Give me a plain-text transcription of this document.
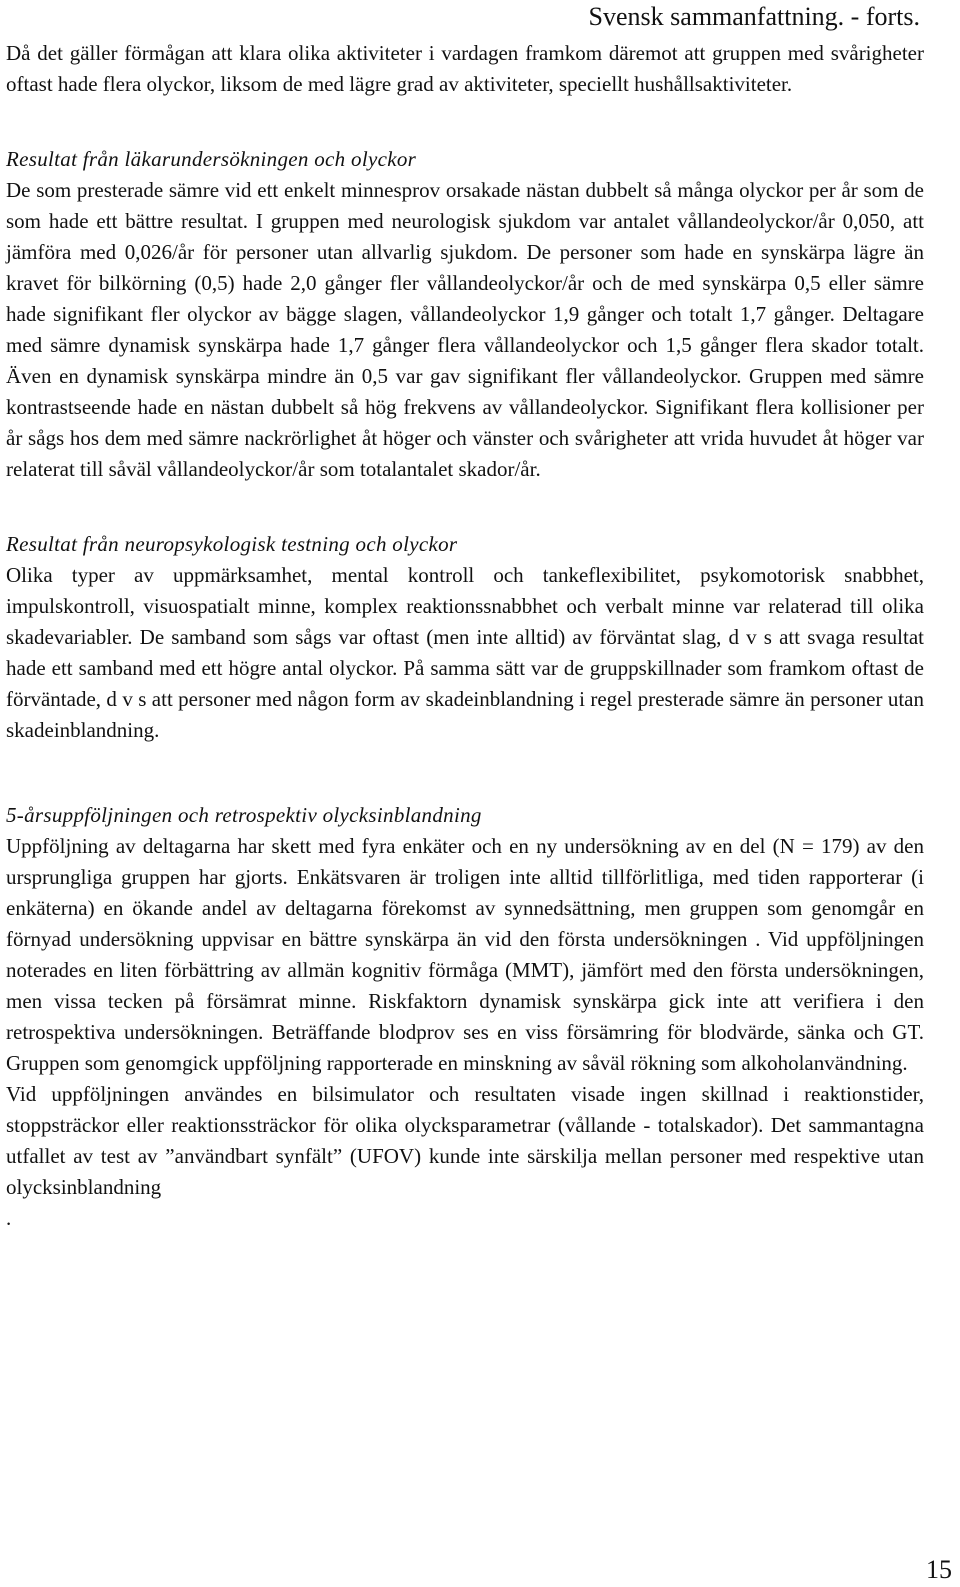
Svensk sammanfattning. - forts.

Då det gäller förmågan att klara olika aktiviteter i vardagen framkom däremot att gruppen med svårigheter oftast hade flera olyckor, liksom de med lägre grad av aktiviteter, speciellt hushållsaktiviteter.

Resultat från läkarundersökningen och olyckor

De som presterade sämre vid ett enkelt minnesprov orsakade nästan dubbelt så många olyckor per år som de som hade ett bättre resultat. I gruppen med neurologisk sjukdom var antalet vållandeolyckor/år 0,050, att jämföra med 0,026/år för personer utan allvarlig sjukdom. De personer som hade en synskärpa lägre än kravet för bilkörning (0,5) hade 2,0 gånger fler vållandeolyckor/år och de med synskärpa 0,5 eller sämre hade signifikant fler olyckor av bägge slagen, vållandeolyckor 1,9 gånger och totalt 1,7 gånger. Deltagare med sämre dynamisk synskärpa hade 1,7 gånger flera vållandeolyckor och 1,5 gånger flera skador totalt. Även en dynamisk synskärpa mindre än 0,5 var gav signifikant fler vållandeolyckor. Gruppen med sämre kontrastseende hade en nästan dubbelt så hög frekvens av vållandeolyckor. Signifikant flera kollisioner per år sågs hos dem med sämre nackrörlighet åt höger och vänster och svårigheter att vrida huvudet åt höger var relaterat till såväl vållandeolyckor/år som totalantalet skador/år.

Resultat från neuropsykologisk testning och olyckor

Olika typer av uppmärksamhet, mental kontroll och tankeflexibilitet, psykomotorisk snabbhet, impulskontroll, visuospatialt minne, komplex reaktionssnabbhet och verbalt minne var relaterad till olika skadevariabler. De samband som sågs var oftast (men inte alltid) av förväntat slag, d v s att svaga resultat hade ett samband med ett högre antal olyckor. På samma sätt var de gruppskillnader som framkom oftast de förväntade, d v s att personer med någon form av skadeinblandning i regel presterade sämre än personer utan skadeinblandning.

5-årsuppföljningen och retrospektiv olycksinblandning

Uppföljning av deltagarna har skett med fyra enkäter och en ny undersökning av en del (N = 179) av den ursprungliga gruppen har gjorts. Enkätsvaren är troligen inte alltid tillförlitliga, med tiden rapporterar (i enkäterna) en ökande andel av deltagarna förekomst av synnedsättning, men gruppen som genomgår en förnyad undersökning uppvisar en bättre synskärpa än vid den första undersökningen . Vid uppföljningen noterades en liten förbättring av allmän kognitiv förmåga (MMT), jämfört med den första undersökningen, men vissa tecken på försämrat minne. Riskfaktorn dynamisk synskärpa gick inte att verifiera i den retrospektiva undersökningen. Beträffande blodprov ses en viss försämring för blodvärde, sänka och GT. Gruppen som genomgick uppföljning rapporterade en minskning av såväl rökning som alkoholanvändning.

Vid uppföljningen användes en bilsimulator och resultaten visade ingen skillnad i reaktionstider, stoppsträckor eller reaktionssträckor för olika olycksparametrar (vållande - totalskador). Det sammantagna utfallet av test av ”användbart synfält” (UFOV) kunde inte särskilja mellan personer med respektive utan olycksinblandning

.

15
